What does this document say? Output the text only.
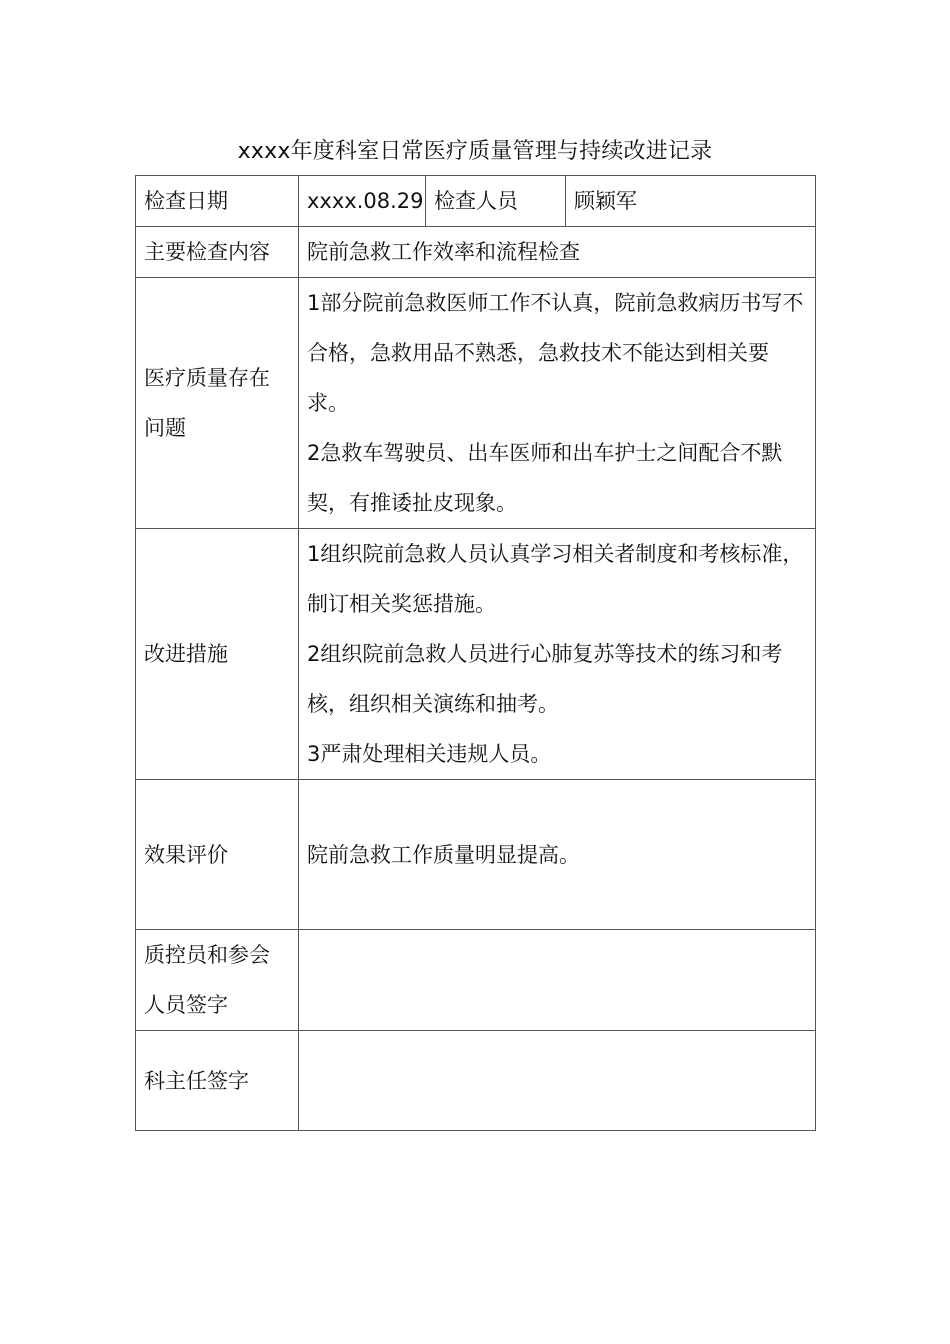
xxxx年度科室日常医疗质量管理与持续改进记录
检查日期	xxxx.08.29	检查人员	顾颖军
主要检查内容	院前急救工作效率和流程检查		

医疗质量存在问题	1部分院前急救医师工作不认真，院前急救病历书写不合格，急救用品不熟悉，急救技术不能达到相关要求。
2急救车驾驶员、出车医师和出车护士之间配合不默契，有推诿扯皮现象。		

改进措施	1组织院前急救人员认真学习相关者制度和考核标准，制订相关奖惩措施。
2组织院前急救人员进行心肺复苏等技术的练习和考核，组织相关演练和抽考。
3严肃处理相关违规人员。		

效果评价	院前急救工作质量明显提高。		

质控员和参会人员签字			

科主任签字			
